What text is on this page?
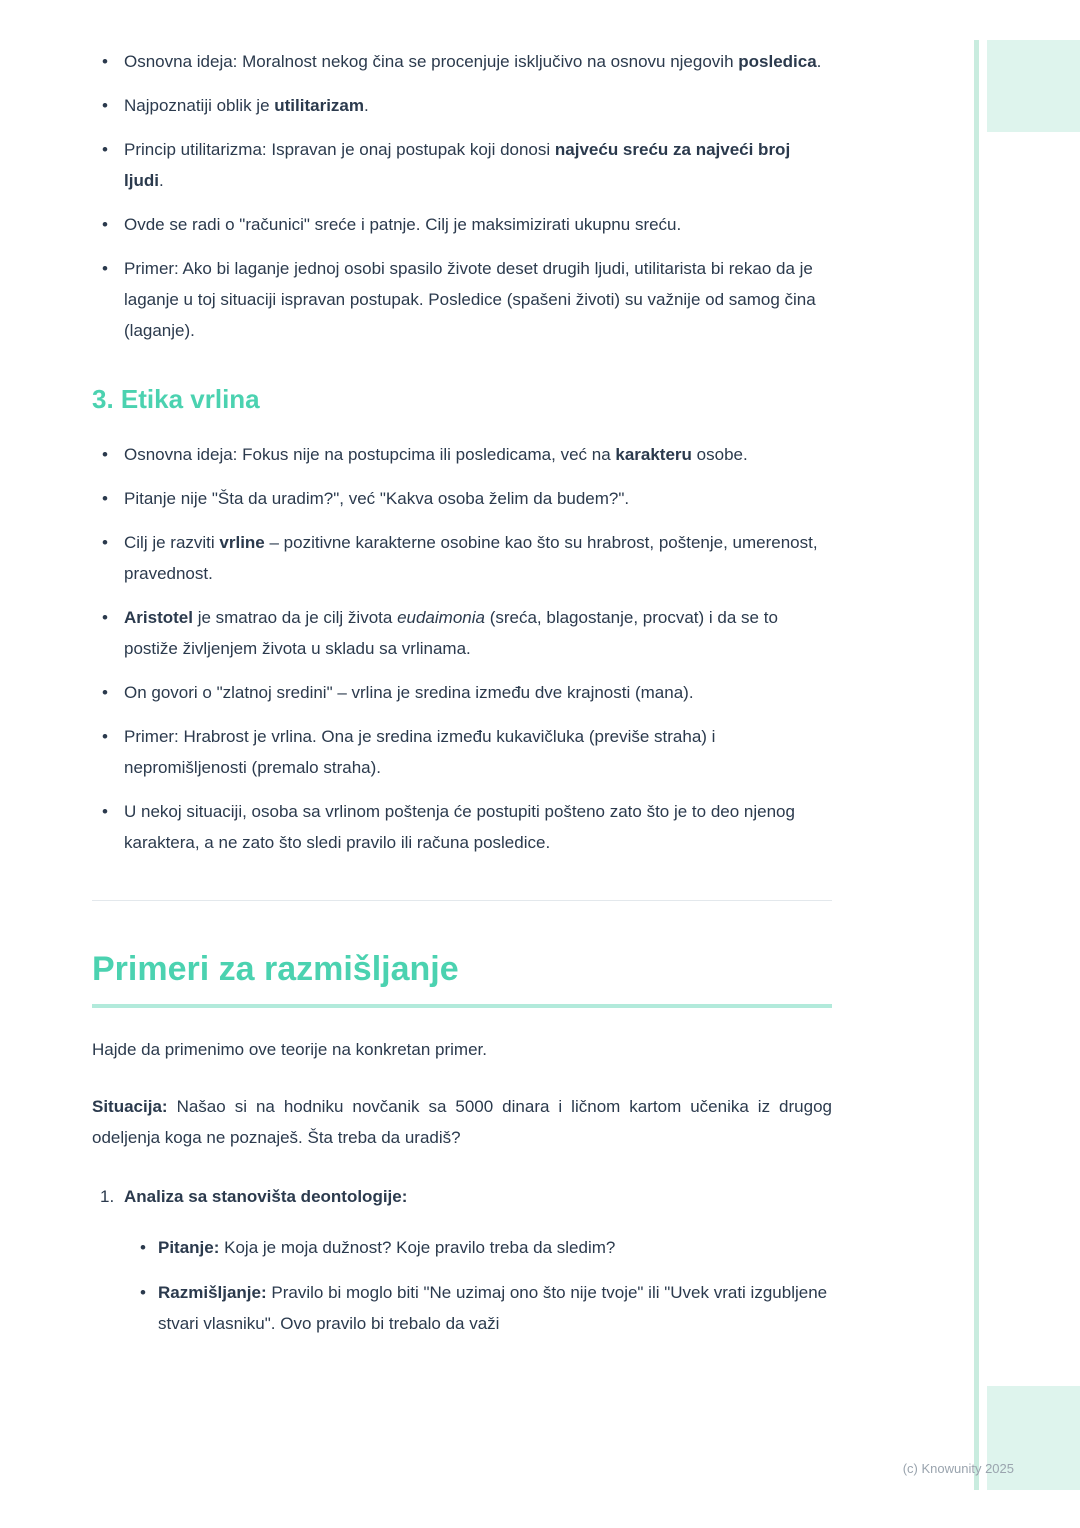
• Osnovna ideja: Moralnost nekog čina se procenjuje isključivo na osnovu njegovih posledica.
• Najpoznatiji oblik je utilitarizam.
• Princip utilitarizma: Ispravan je onaj postupak koji donosi najveću sreću za najveći broj ljudi.
• Ovde se radi o "računici" sreće i patnje. Cilj je maksimizirati ukupnu sreću.
• Primer: Ako bi laganje jednoj osobi spasilo živote deset drugih ljudi, utilitarista bi rekao da je laganje u toj situaciji ispravan postupak. Posledice (spašeni životi) su važnije od samog čina (laganje).
3. Etika vrlina
• Osnovna ideja: Fokus nije na postupcima ili posledicama, već na karakteru osobe.
• Pitanje nije "Šta da uradim?", već "Kakva osoba želim da budem?".
• Cilj je razviti vrline – pozitivne karakterne osobine kao što su hrabrost, poštenje, umerenost, pravednost.
• Aristotel je smatrao da je cilj života eudaimonia (sreća, blagostanje, procvat) i da se to postiže življenjem života u skladu sa vrlinama.
• On govori o "zlatnoj sredini" – vrlina je sredina između dve krajnosti (mana).
• Primer: Hrabrost je vrlina. Ona je sredina između kukavičluka (previše straha) i nepromišljenosti (premalo straha).
• U nekoj situaciji, osoba sa vrlinom poštenja će postupiti pošteno zato što je to deo njenog karaktera, a ne zato što sledi pravilo ili računa posledice.
Primeri za razmišljanje

Hajde da primenimo ove teorije na konkretan primer.

Situacija: Našao si na hodniku novčanik sa 5000 dinara i ličnom kartom učenika iz drugog odeljenja koga ne poznaješ. Šta treba da uradiš?

1. Analiza sa stanovišta deontologije:
• Pitanje: Koja je moja dužnost? Koje pravilo treba da sledim?
• Razmišljanje: Pravilo bi moglo biti "Ne uzimaj ono što nije tvoje" ili "Uvek vrati izgubljene stvari vlasniku". Ovo pravilo bi trebalo da važi
(c) Knowunity 2025
